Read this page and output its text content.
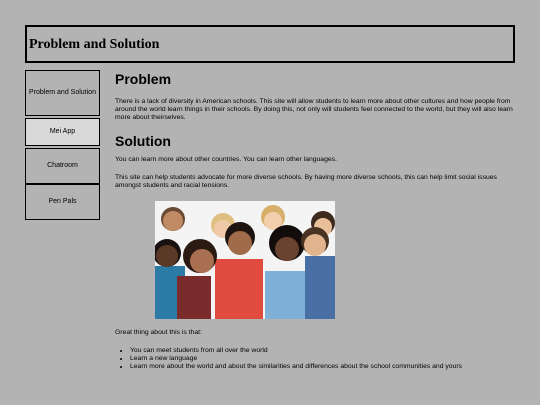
Problem and Solution
Problem and Solution
Mei App
Chatroom
Pen Pals
Problem

There is a lack of diversity in American schools. This site will allow students to learn more about other cultures and how people from around the world learn things in their schools. By doing this, not only will students feel connected to the world, but they will also learn more about theirselves.

Solution

You can learn more about other countries. You can learn other languages.

This site can help students advocate for more diverse schools. By having more diverse schools, this can help limit social issues amongst students and racial tensions.

Great thing about this is that:
• You can meet students from all over the world
• Learn a new language
• Learn more about the world and about the similarities and differences about the school communities and yours
